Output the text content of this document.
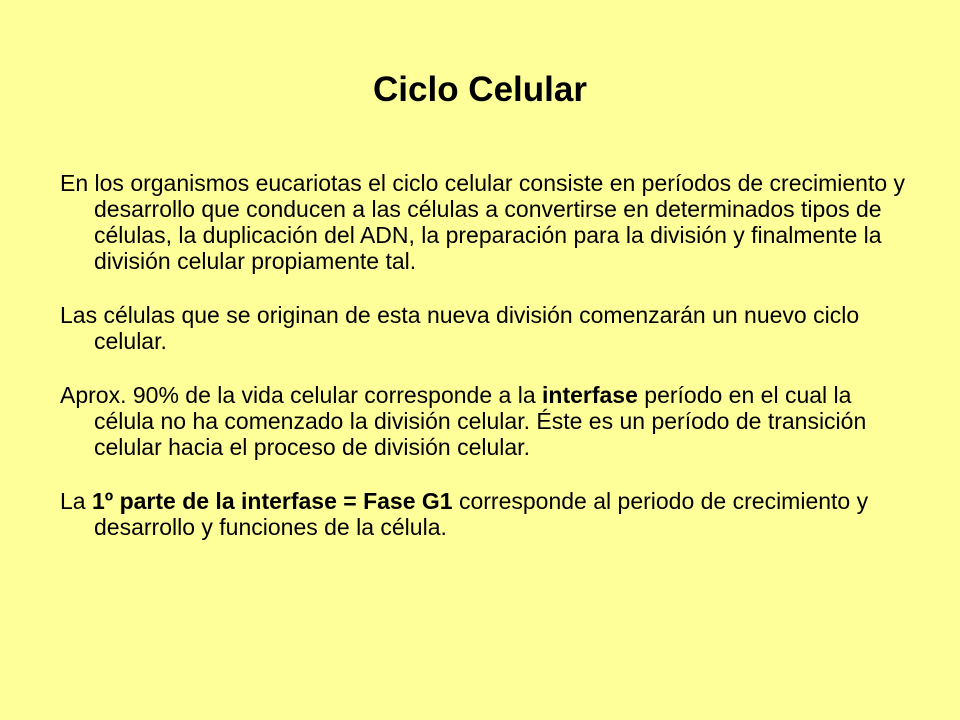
Ciclo Celular

En los organismos eucariotas el ciclo celular consiste en períodos de crecimiento y desarrollo que conducen a las células a convertirse en determinados tipos de células, la duplicación del ADN, la preparación para la división y finalmente la división celular propiamente tal.

Las células que se originan de esta nueva división comenzarán un nuevo ciclo celular.

Aprox. 90% de la vida celular corresponde a la interfase período en el cual la célula no ha comenzado la división celular. Éste es un período de transición celular hacia el proceso de división celular.

La 1º parte de la interfase = Fase G1 corresponde al periodo de crecimiento y desarrollo y funciones de la célula.
